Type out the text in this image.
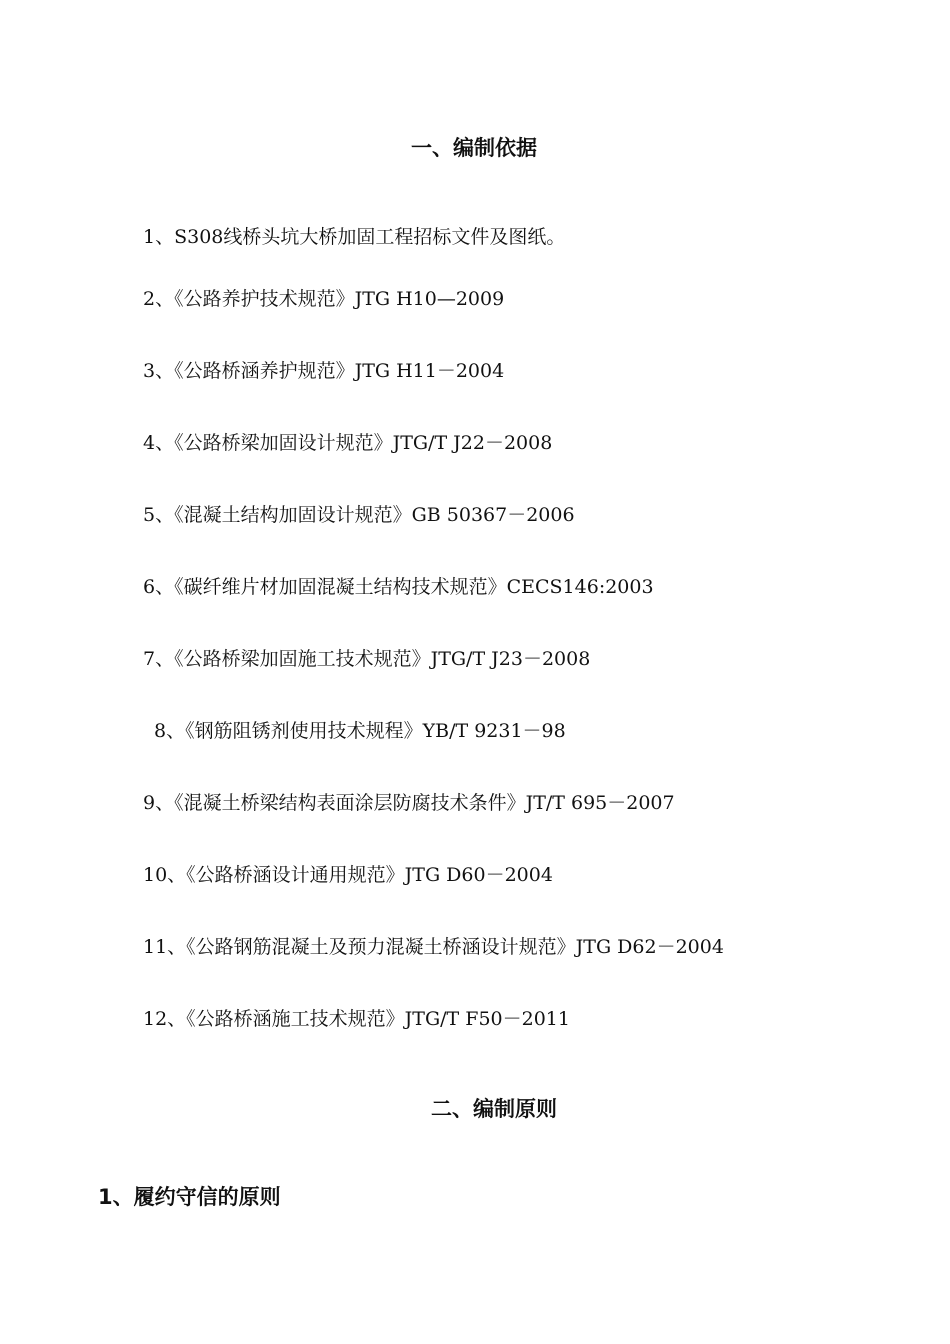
一、编制依据
1、S308线桥头坑大桥加固工程招标文件及图纸。
2、《公路养护技术规范》JTG H10—2009
3、《公路桥涵养护规范》JTG H11－2004
4、《公路桥梁加固设计规范》JTG/T J22－2008
5、《混凝土结构加固设计规范》GB 50367－2006
6、《碳纤维片材加固混凝土结构技术规范》CECS146:2003
7、《公路桥梁加固施工技术规范》JTG/T J23－2008
8、《钢筋阻锈剂使用技术规程》YB/T 9231－98
9、《混凝土桥梁结构表面涂层防腐技术条件》JT/T 695－2007
10、《公路桥涵设计通用规范》JTG D60－2004
11、《公路钢筋混凝土及预力混凝土桥涵设计规范》JTG D62－2004
12、《公路桥涵施工技术规范》JTG/T F50－2011
二、编制原则
1、履约守信的原则
